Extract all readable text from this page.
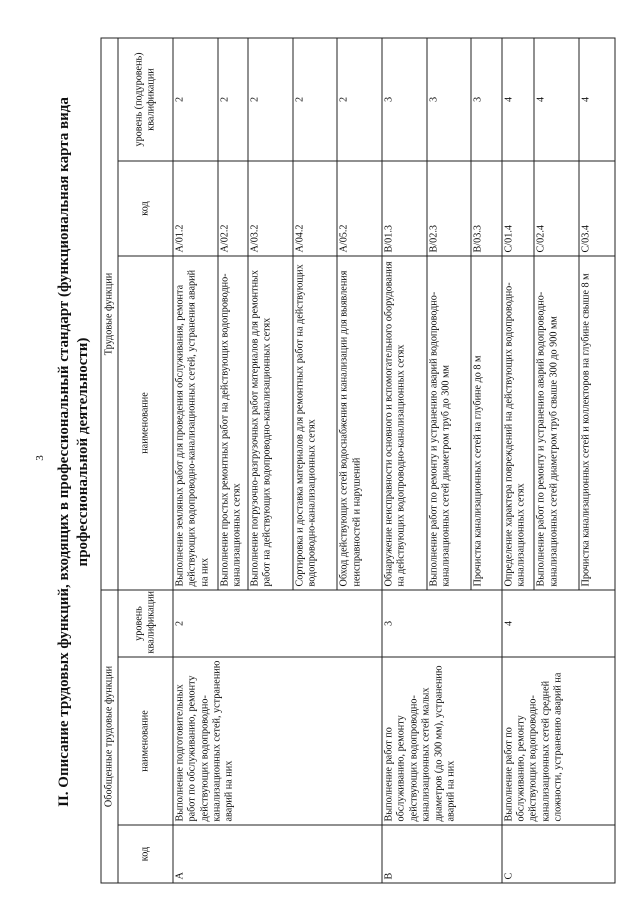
3 II. Описание трудовых функций, входящих в профессиональный стандарт (функциональная карта вида профессиональной деятельности)
Обобщенные трудовые функции			Трудовые функции		
код	наименование	уровень квалификации	наименование	код	уровень (подуровень) квалификации
А	Выполнение подготовительных работ по обслуживанию, ремонту действующих водопроводно-канализационных сетей, устранению аварий на них	2	Выполнение земляных работ для проведения обслуживания, ремонта действующих водопроводно-канализационных сетей, устранения аварий на них	A/01.2	2
			Выполнение простых ремонтных работ на действующих водопроводно-канализационных сетях	A/02.2	2
			Выполнение погрузочно-разгрузочных работ материалов для ремонтных работ на действующих водопроводно-канализационных сетях	A/03.2	2
			Сортировка и доставка материалов для ремонтных работ на действующих водопроводно-канализационных сетях	A/04.2	2
			Обход действующих сетей водоснабжения и канализации для выявления неисправностей и нарушений	A/05.2	2
В	Выполнение работ по обслуживанию, ремонту действующих водопроводно-канализационных сетей малых диаметров (до 300 мм), устранению аварий на них	3	Обнаружение неисправности основного и вспомогательного оборудования на действующих водопроводно-канализационных сетях	B/01.3	3
			Выполнение работ по ремонту и устранению аварий водопроводно-канализационных сетей диаметром труб до 300 мм	B/02.3	3
			Прочистка канализационных сетей на глубине до 8 м	B/03.3	3
С	Выполнение работ по обслуживанию, ремонту действующих водопроводно-канализационных сетей средней сложности, устранению аварий на	4	Определение характера повреждений на действующих водопроводно-канализационных сетях	C/01.4	4
			Выполнение работ по ремонту и устранению аварий водопроводно-канализационных сетей диаметром труб свыше 300 до 900 мм	C/02.4	4
			Прочистка канализационных сетей и коллекторов на глубине свыше 8 м	C/03.4	4
